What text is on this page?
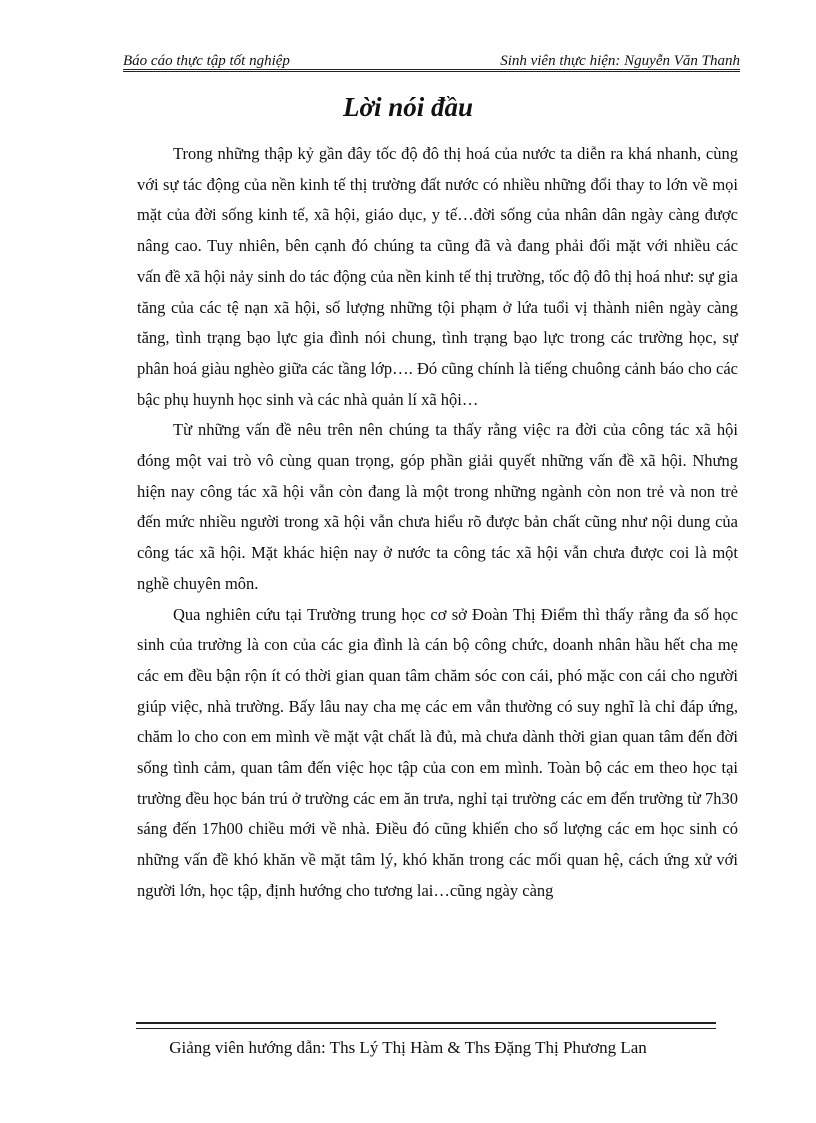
Báo cáo thực tập tốt nghiệp	Sinh viên thực hiện: Nguyễn Văn Thanh
Lời nói đầu

Trong những thập kỷ gần đây tốc độ đô thị hoá của nước ta diễn ra khá nhanh, cùng với sự tác động của nền kinh tế thị trường đất nước có nhiều những đổi thay to lớn về mọi mặt của đời sống kinh tế, xã hội, giáo dục, y tế…đời sống của nhân dân ngày càng được nâng cao. Tuy nhiên, bên cạnh đó chúng ta cũng đã và đang phải đối mặt với nhiều các vấn đề xã hội nảy sinh do tác động của nền kinh tế thị trường, tốc độ đô thị hoá như: sự gia tăng của các tệ nạn xã hội, số lượng những tội phạm ở lứa tuổi vị thành niên ngày càng tăng, tình trạng bạo lực gia đình nói chung, tình trạng bạo lực trong các trường học, sự phân hoá giàu nghèo giữa các tầng lớp…. Đó cũng chính là tiếng chuông cảnh báo cho các bậc phụ huynh học sinh và các nhà quản lí xã hội…

Từ những vấn đề nêu trên nên chúng ta thấy rằng việc ra đời của công tác xã hội đóng một vai trò vô cùng quan trọng, góp phần giải quyết những vấn đề xã hội. Nhưng hiện nay công tác xã hội vẫn còn đang là một trong những ngành còn non trẻ và non trẻ đến mức nhiều người trong xã hội vẫn chưa hiểu rõ được bản chất cũng như nội dung của công tác xã hội. Mặt khác hiện nay ở nước ta công tác xã hội vẫn chưa được coi là một nghề chuyên môn.

Qua nghiên cứu tại Trường trung học cơ sở Đoàn Thị Điểm thì thấy rằng đa số học sinh của trường là con của các gia đình là cán bộ công chức, doanh nhân hầu hết cha mẹ các em đều bận rộn ít có thời gian quan tâm chăm sóc con cái, phó mặc con cái cho người giúp việc, nhà trường. Bấy lâu nay cha mẹ các em vẫn thường có suy nghĩ là chỉ đáp ứng, chăm lo cho con em mình về mặt vật chất là đủ, mà chưa dành thời gian quan tâm đến đời sống tình cảm, quan tâm đến việc học tập của con em mình. Toàn bộ các em theo học tại trường đều học bán trú ở trường các em ăn trưa, nghỉ tại trường các em đến trường từ 7h30 sáng đến 17h00 chiều mới về nhà. Điều đó cũng khiến cho số lượng các em học sinh có những vấn đề khó khăn về mặt tâm lý, khó khăn trong các mối quan hệ, cách ứng xử với người lớn, học tập, định hướng cho tương lai…cũng ngày càng

Giảng viên hướng dẫn: Ths Lý Thị Hàm & Ths Đặng Thị Phương Lan
